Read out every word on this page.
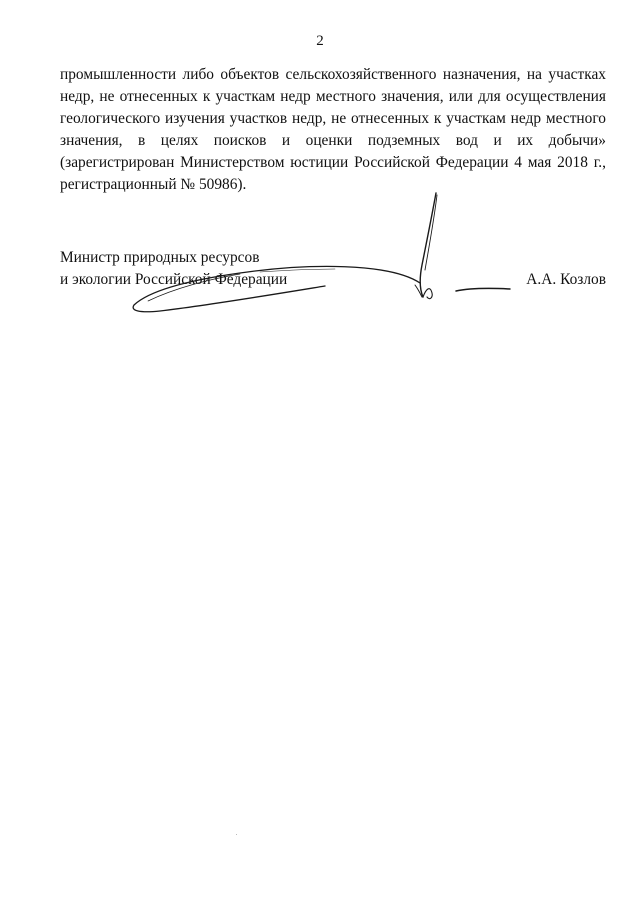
2

промышленности либо объектов сельскохозяйственного назначения, на участках недр, не отнесенных к участкам недр местного значения, или для осуществления геологического изучения участков недр, не отнесенных к участкам недр местного значения, в целях поисков и оценки подземных вод и их добычи» (зарегистрирован Министерством юстиции Российской Федерации 4 мая 2018 г., регистрационный № 50986).

Министр природных ресурсов
и экологии Российской Федерации	А.А. Козлов
